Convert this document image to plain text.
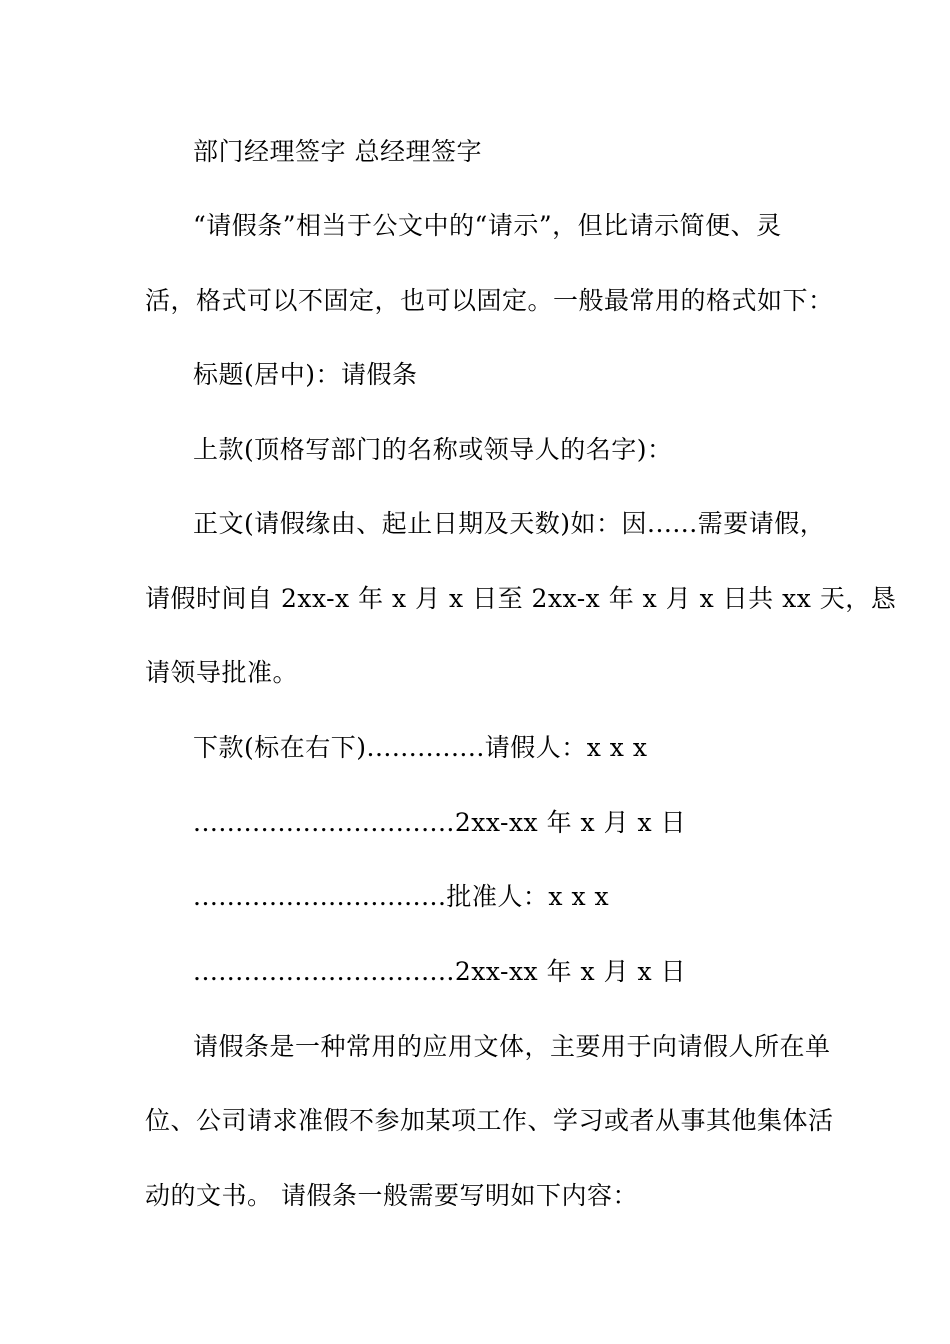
部门经理签字 总经理签字
“请假条”相当于公文中的“请示”，但比请示简便、灵
活，格式可以不固定，也可以固定。一般最常用的格式如下：
标题(居中)：请假条
上款(顶格写部门的名称或领导人的名字)：
正文(请假缘由、起止日期及天数)如：因......需要请假，
请假时间自 2xx-x 年 x 月 x 日至 2xx-x 年 x 月 x 日共 xx 天，恳
请领导批准。
下款(标在右下)..............请假人：x x x
...............................2xx-xx 年 x 月 x 日
..............................批准人：x x x
...............................2xx-xx 年 x 月 x 日
请假条是一种常用的应用文体，主要用于向请假人所在单
位、公司请求准假不参加某项工作、学习或者从事其他集体活
动的文书。 请假条一般需要写明如下内容：
